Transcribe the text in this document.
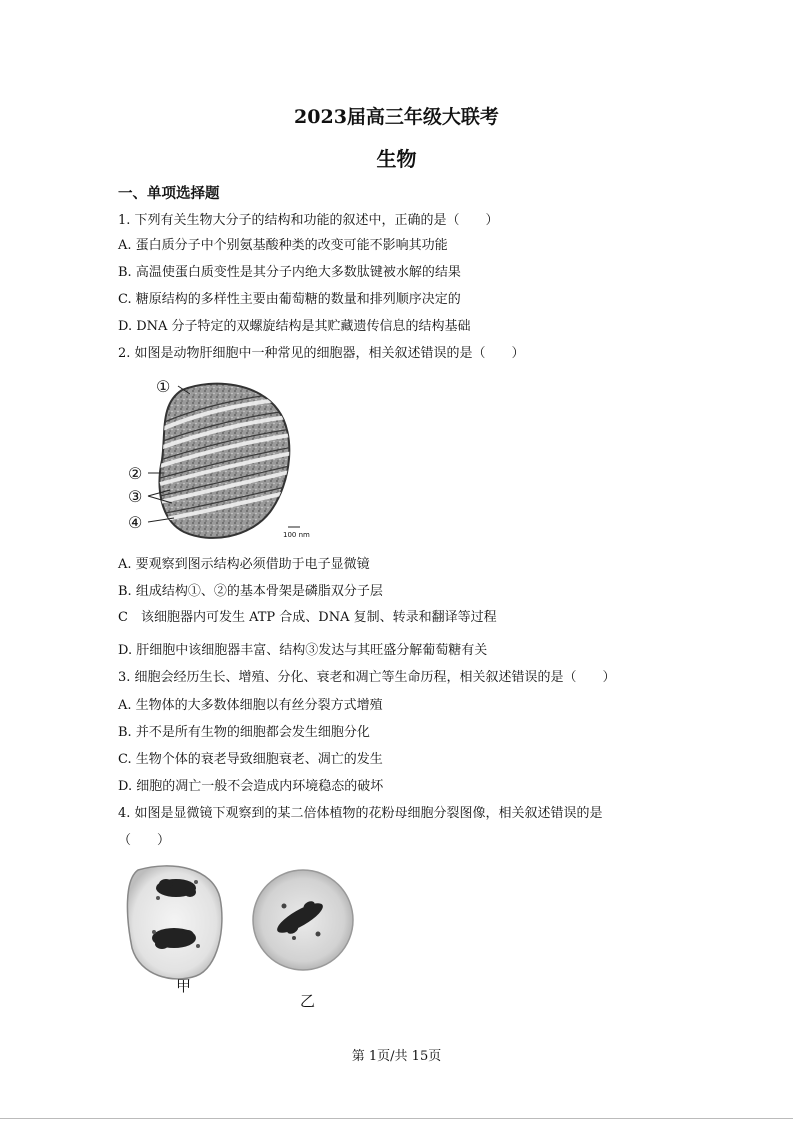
2023届高三年级大联考
生物
一、单项选择题
1. 下列有关生物大分子的结构和功能的叙述中，正确的是（　　）
A. 蛋白质分子中个别氨基酸种类的改变可能不影响其功能
B. 高温使蛋白质变性是其分子内绝大多数肽键被水解的结果
C. 糖原结构的多样性主要由葡萄糖的数量和排列顺序决定的
D. DNA 分子特定的双螺旋结构是其贮藏遗传信息的结构基础
2. 如图是动物肝细胞中一种常见的细胞器，相关叙述错误的是（　　）
①
②
③
④
100 nm
A. 要观察到图示结构必须借助于电子显微镜
B. 组成结构①、②的基本骨架是磷脂双分子层
C　该细胞器内可发生 ATP 合成、DNA 复制、转录和翻译等过程
D. 肝细胞中该细胞器丰富、结构③发达与其旺盛分解葡萄糖有关
3. 细胞会经历生长、增殖、分化、衰老和凋亡等生命历程，相关叙述错误的是（　　）
A. 生物体的大多数体细胞以有丝分裂方式增殖
B. 并不是所有生物的细胞都会发生细胞分化
C. 生物个体的衰老导致细胞衰老、凋亡的发生
D. 细胞的凋亡一般不会造成内环境稳态的破坏
4. 如图是显微镜下观察到的某二倍体植物的花粉母细胞分裂图像，相关叙述错误的是
（　　）
甲
乙
第 1页/共 15页
